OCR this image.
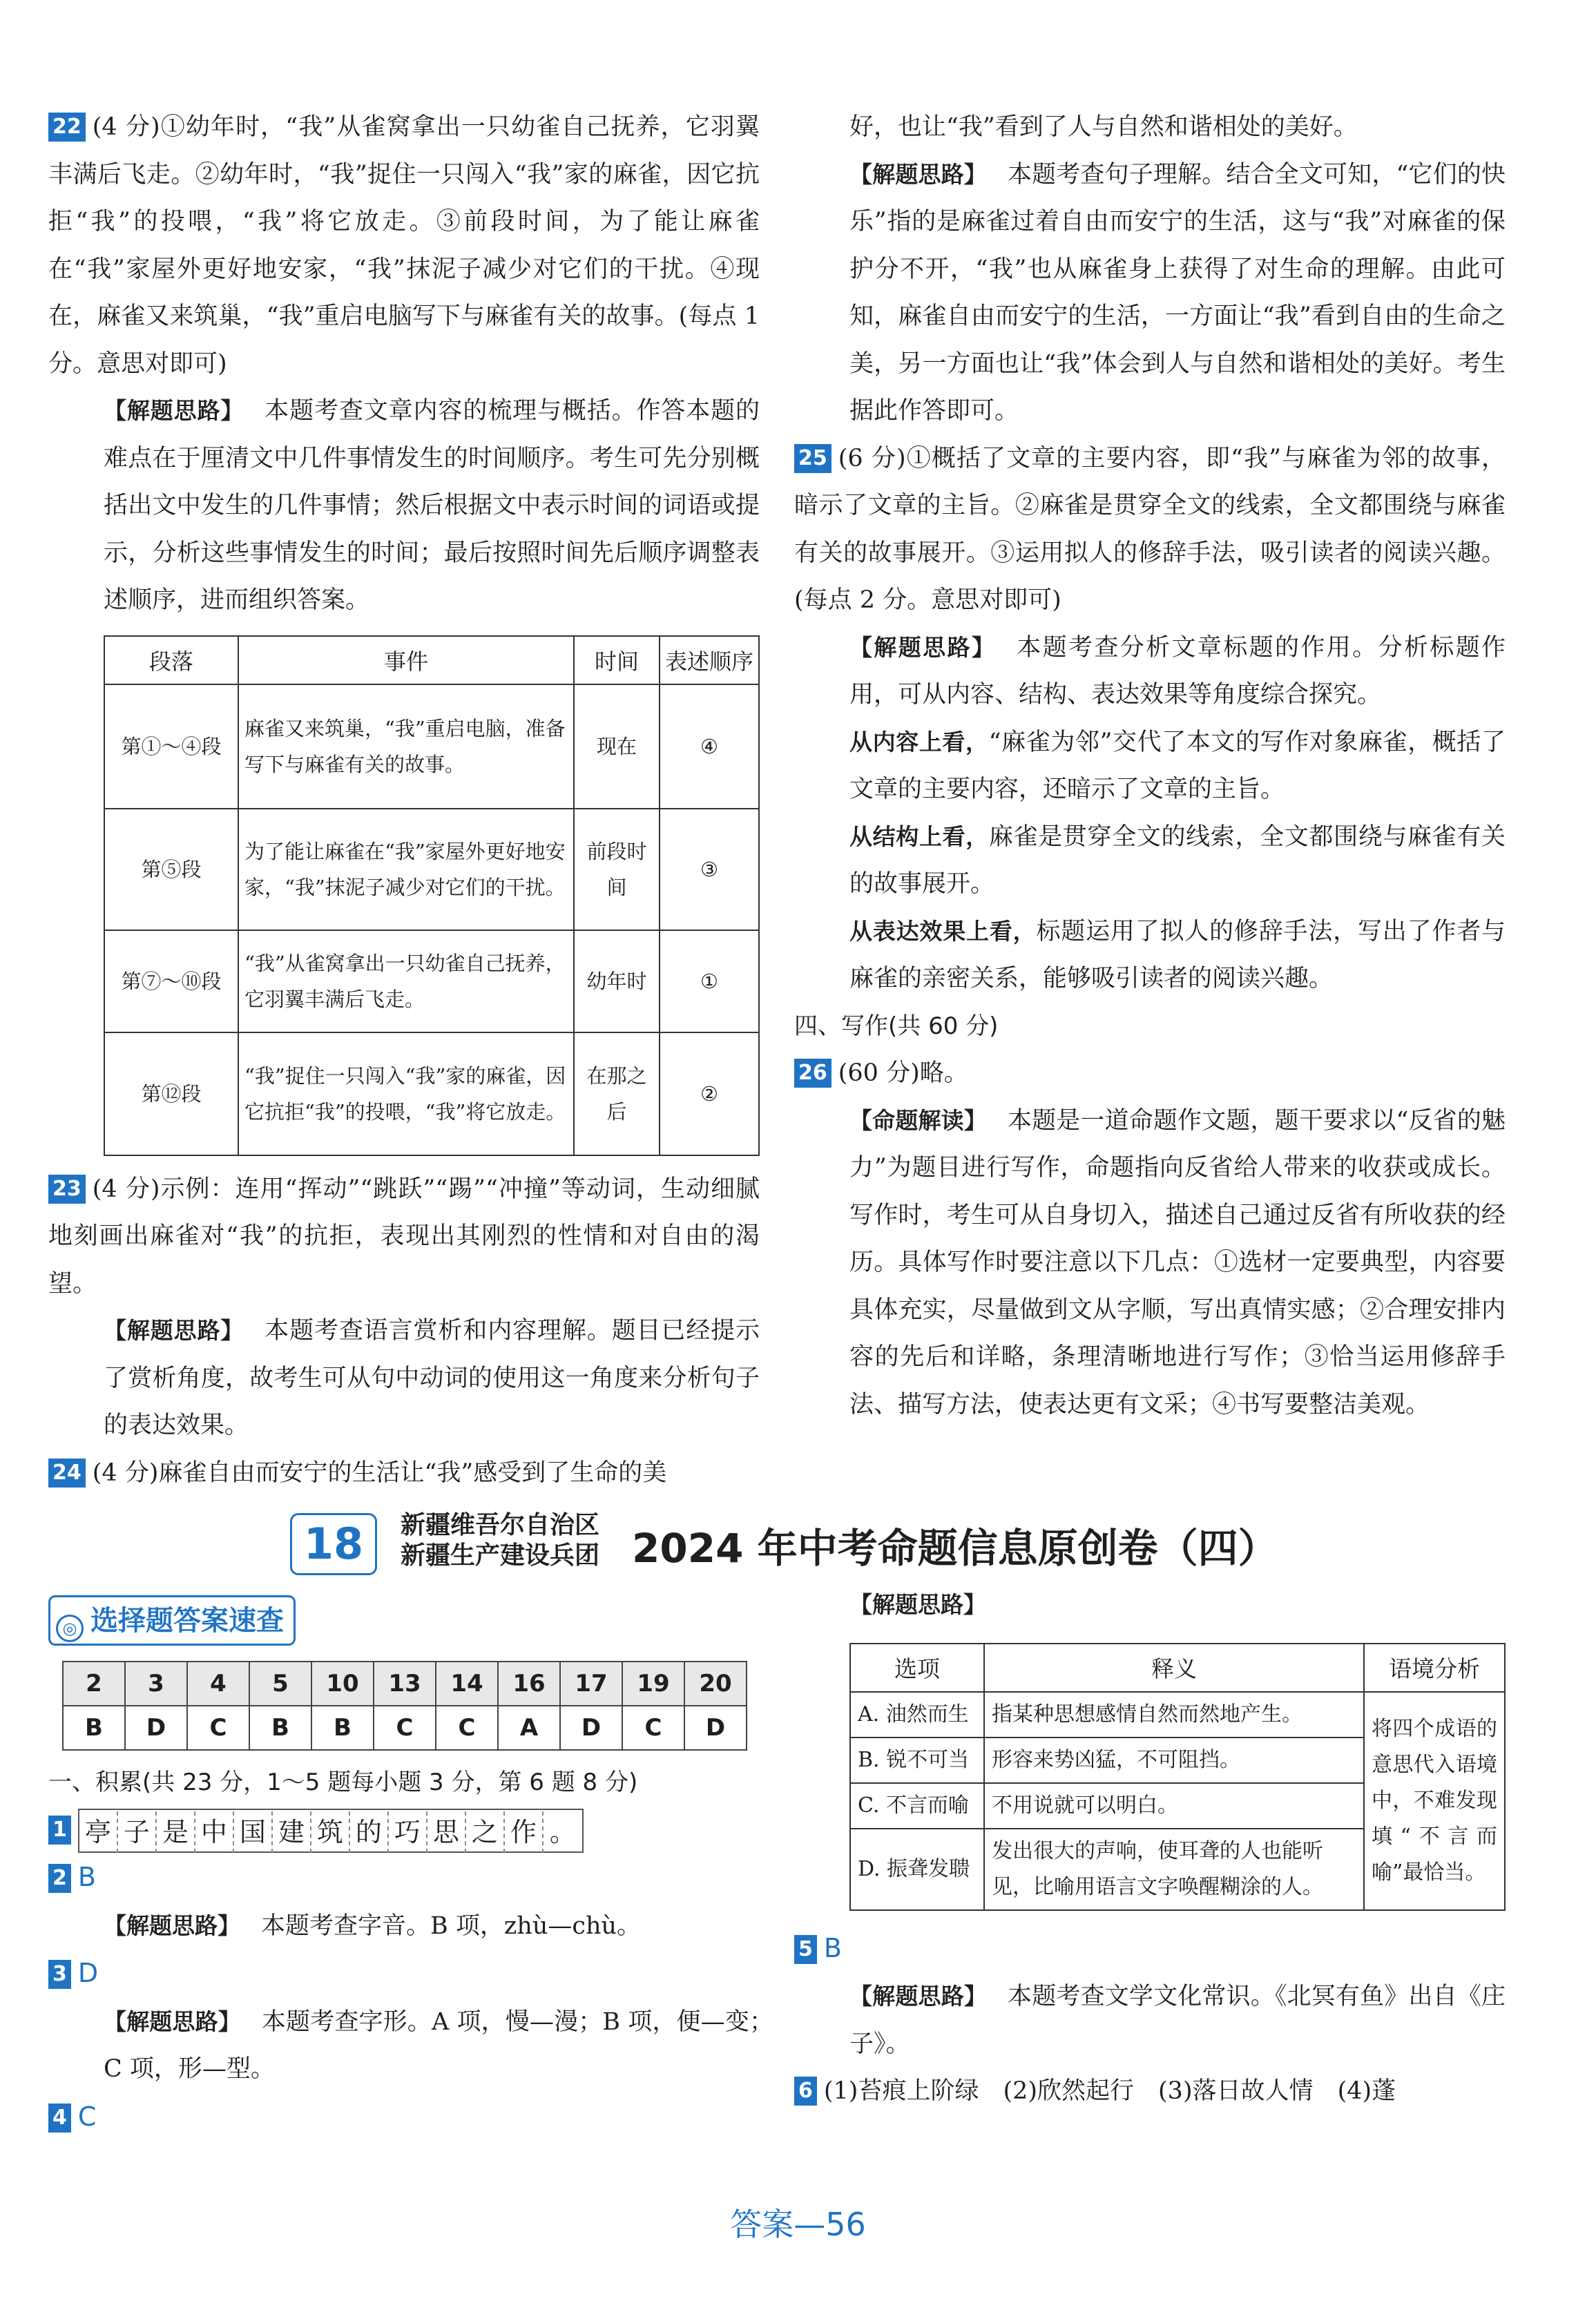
22 (4 分)①幼年时，“我”从雀窝拿出一只幼雀自己抚养，它羽翼丰满后飞走。②幼年时，“我”捉住一只闯入“我”家的麻雀，因它抗拒“我”的投喂，“我”将它放走。③前段时间，为了能让麻雀在“我”家屋外更好地安家，“我”抹泥子减少对它们的干扰。④现在，麻雀又来筑巢，“我”重启电脑写下与麻雀有关的故事。(每点 1 分。意思对即可)

【解题思路】 本题考查文章内容的梳理与概括。作答本题的难点在于厘清文中几件事情发生的时间顺序。考生可先分别概括出文中发生的几件事情；然后根据文中表示时间的词语或提示，分析这些事情发生的时间；最后按照时间先后顺序调整表述顺序，进而组织答案。

段落	事件	时间	表述顺序
第①～④段	麻雀又来筑巢，“我”重启电脑，准备写下与麻雀有关的故事。	现在	④
第⑤段	为了能让麻雀在“我”家屋外更好地安家，“我”抹泥子减少对它们的干扰。	前段时间	③
第⑦～⑩段	“我”从雀窝拿出一只幼雀自己抚养，它羽翼丰满后飞走。	幼年时	①
第⑫段	“我”捉住一只闯入“我”家的麻雀，因它抗拒“我”的投喂，“我”将它放走。	在那之后	②

23 (4 分)示例：连用“挥动”“跳跃”“踢”“冲撞”等动词，生动细腻地刻画出麻雀对“我”的抗拒，表现出其刚烈的性情和对自由的渴望。

【解题思路】 本题考查语言赏析和内容理解。题目已经提示了赏析角度，故考生可从句中动词的使用这一角度来分析句子的表达效果。

24 (4 分)麻雀自由而安宁的生活让“我”感受到了生命的美

好，也让“我”看到了人与自然和谐相处的美好。

【解题思路】 本题考查句子理解。结合全文可知，“它们的快乐”指的是麻雀过着自由而安宁的生活，这与“我”对麻雀的保护分不开，“我”也从麻雀身上获得了对生命的理解。由此可知，麻雀自由而安宁的生活，一方面让“我”看到自由的生命之美，另一方面也让“我”体会到人与自然和谐相处的美好。考生据此作答即可。

25 (6 分)①概括了文章的主要内容，即“我”与麻雀为邻的故事，暗示了文章的主旨。②麻雀是贯穿全文的线索，全文都围绕与麻雀有关的故事展开。③运用拟人的修辞手法，吸引读者的阅读兴趣。(每点 2 分。意思对即可)

【解题思路】 本题考查分析文章标题的作用。分析标题作用，可从内容、结构、表达效果等角度综合探究。

从内容上看，“麻雀为邻”交代了本文的写作对象麻雀，概括了文章的主要内容，还暗示了文章的主旨。

从结构上看，麻雀是贯穿全文的线索，全文都围绕与麻雀有关的故事展开。

从表达效果上看，标题运用了拟人的修辞手法，写出了作者与麻雀的亲密关系，能够吸引读者的阅读兴趣。

四、写作(共 60 分)

26 (60 分)略。

【命题解读】 本题是一道命题作文题，题干要求以“反省的魅力”为题目进行写作，命题指向反省给人带来的收获或成长。写作时，考生可从自身切入，描述自己通过反省有所收获的经历。具体写作时要注意以下几点：①选材一定要典型，内容要具体充实，尽量做到文从字顺，写出真情实感；②合理安排内容的先后和详略，条理清晰地进行写作；③恰当运用修辞手法、描写方法，使表达更有文采；④书写要整洁美观。

18	新疆维吾尔自治区
新疆生产建设兵团 2024 年中考命题信息原创卷（四）
◎ 选择题答案速查
2	3	4	5	10	13	14	16	17	19	20
B	D	C	B	B	C	C	A	D	C	D

一、积累(共 23 分，1～5 题每小题 3 分，第 6 题 8 分)

1 亭 子 是 中 国 建 筑 的 巧 思 之 作 。

2 B

【解题思路】 本题考查字音。B 项，zhù—chù。

3 D

【解题思路】 本题考查字形。A 项，慢—漫；B 项，便—变；C 项，形—型。

4 C

【解题思路】

选项	释义	语境分析
A. 油然而生	指某种思想感情自然而然地产生。	将四个成语的意思代入语境中，不难发现填“不言而喻”最恰当。
B. 锐不可当	形容来势凶猛，不可阻挡。	
C. 不言而喻	不用说就可以明白。	
D. 振聋发聩	发出很大的声响，使耳聋的人也能听见，比喻用语言文字唤醒糊涂的人。	

5 B

【解题思路】 本题考查文学文化常识。《北冥有鱼》出自《庄子》。

6 (1)苔痕上阶绿　(2)欣然起行　(3)落日故人情　(4)蓬

答案—56
